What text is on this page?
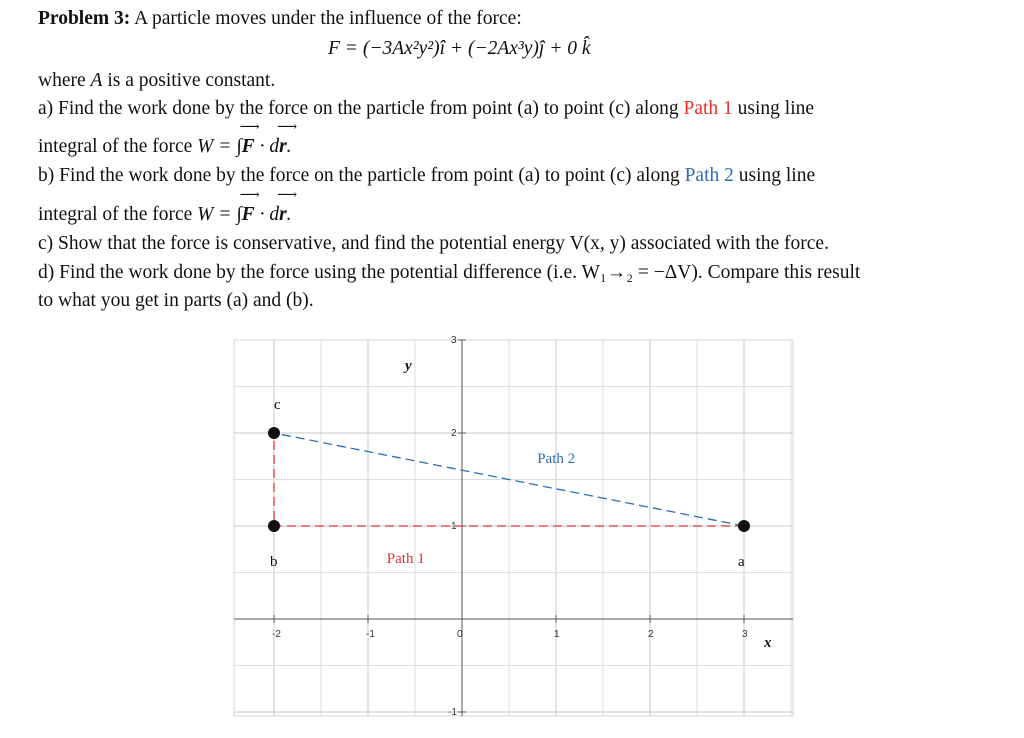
Problem 3: A particle moves under the influence of the force:
F = (−3Ax²y²)î + (−2Ax³y)ĵ + 0 k̂
where A is a positive constant.
a) Find the work done by the force on the particle from point (a) to point (c) along Path 1 using line
integral of the force W = ∫⟶ F · d⟶ r.
b) Find the work done by the force on the particle from point (a) to point (c) along Path 2 using line
integral of the force W = ∫⟶ F · d⟶ r.
c) Show that the force is conservative, and find the potential energy V(x, y) associated with the force.
d) Find the work done by the force using the potential difference (i.e. W₁→₂ = −ΔV). Compare this result
to what you get in parts (a) and (b).
-2	-1	0	1	2	3
-1
1
2
3
x
y
Path 1
Path 2
a
b
c
